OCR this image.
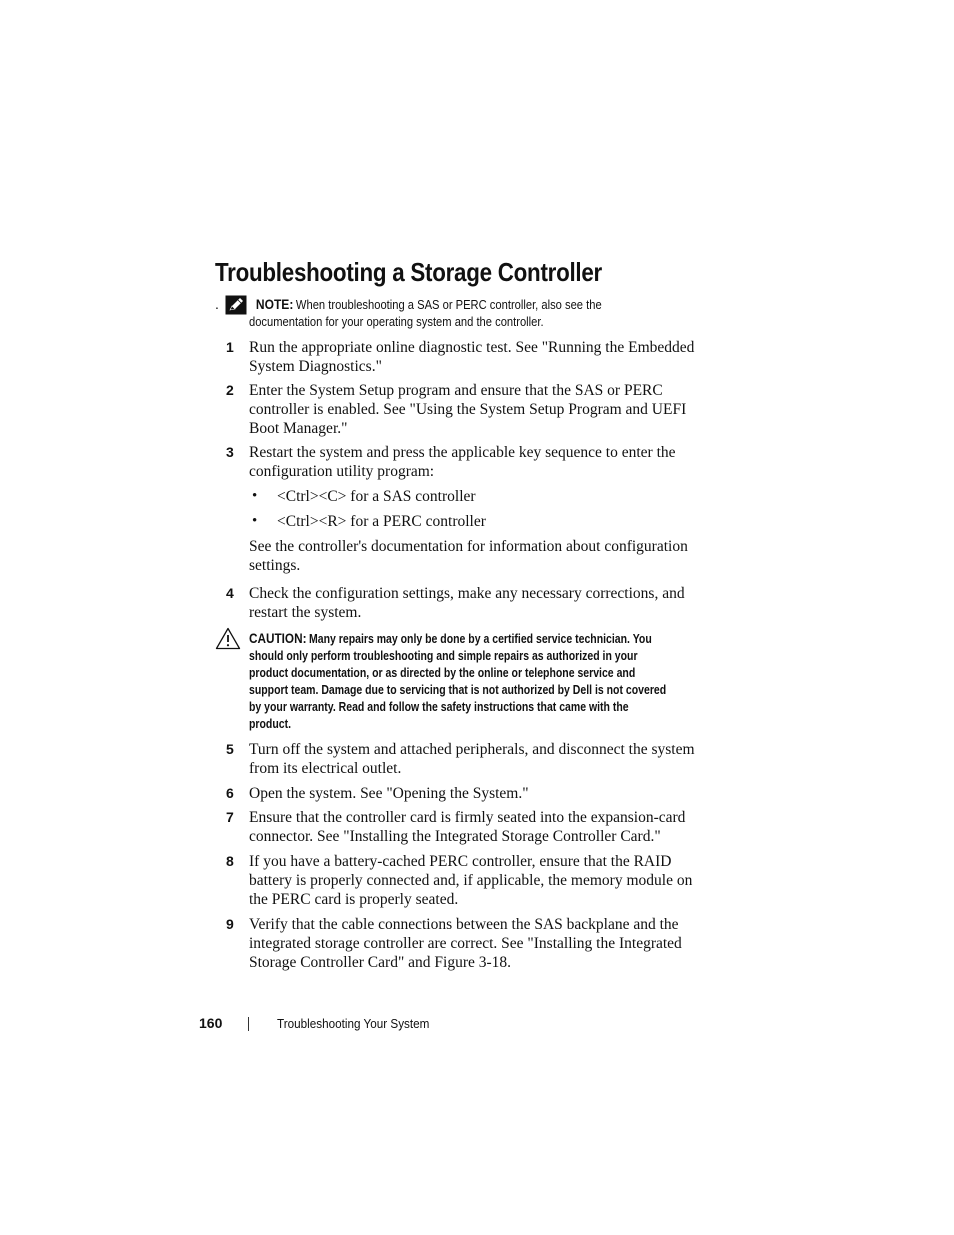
Troubleshooting a Storage Controller
.	NOTE: When troubleshooting a SAS or PERC controller, also see the
documentation for your operating system and the controller.
1 Run the appropriate online diagnostic test. See "Running the Embedded
System Diagnostics."
2 Enter the System Setup program and ensure that the SAS or PERC
controller is enabled. See "Using the System Setup Program and UEFI
Boot Manager."
3 Restart the system and press the applicable key sequence to enter the
configuration utility program:
• <Ctrl><C> for a SAS controller
• <Ctrl><R> for a PERC controller
See the controller's documentation for information about configuration
settings.
4 Check the configuration settings, make any necessary corrections, and
restart the system.
CAUTION: Many repairs may only be done by a certified service technician. You
should only perform troubleshooting and simple repairs as authorized in your
product documentation, or as directed by the online or telephone service and
support team. Damage due to servicing that is not authorized by Dell is not covered
by your warranty. Read and follow the safety instructions that came with the
product.
5 Turn off the system and attached peripherals, and disconnect the system
from its electrical outlet.
6 Open the system. See "Opening the System."
7 Ensure that the controller card is firmly seated into the expansion-card
connector. See "Installing the Integrated Storage Controller Card."
8 If you have a battery-cached PERC controller, ensure that the RAID
battery is properly connected and, if applicable, the memory module on
the PERC card is properly seated.
9 Verify that the cable connections between the SAS backplane and the
integrated storage controller are correct. See "Installing the Integrated
Storage Controller Card" and Figure 3-18.
160	Troubleshooting Your System
